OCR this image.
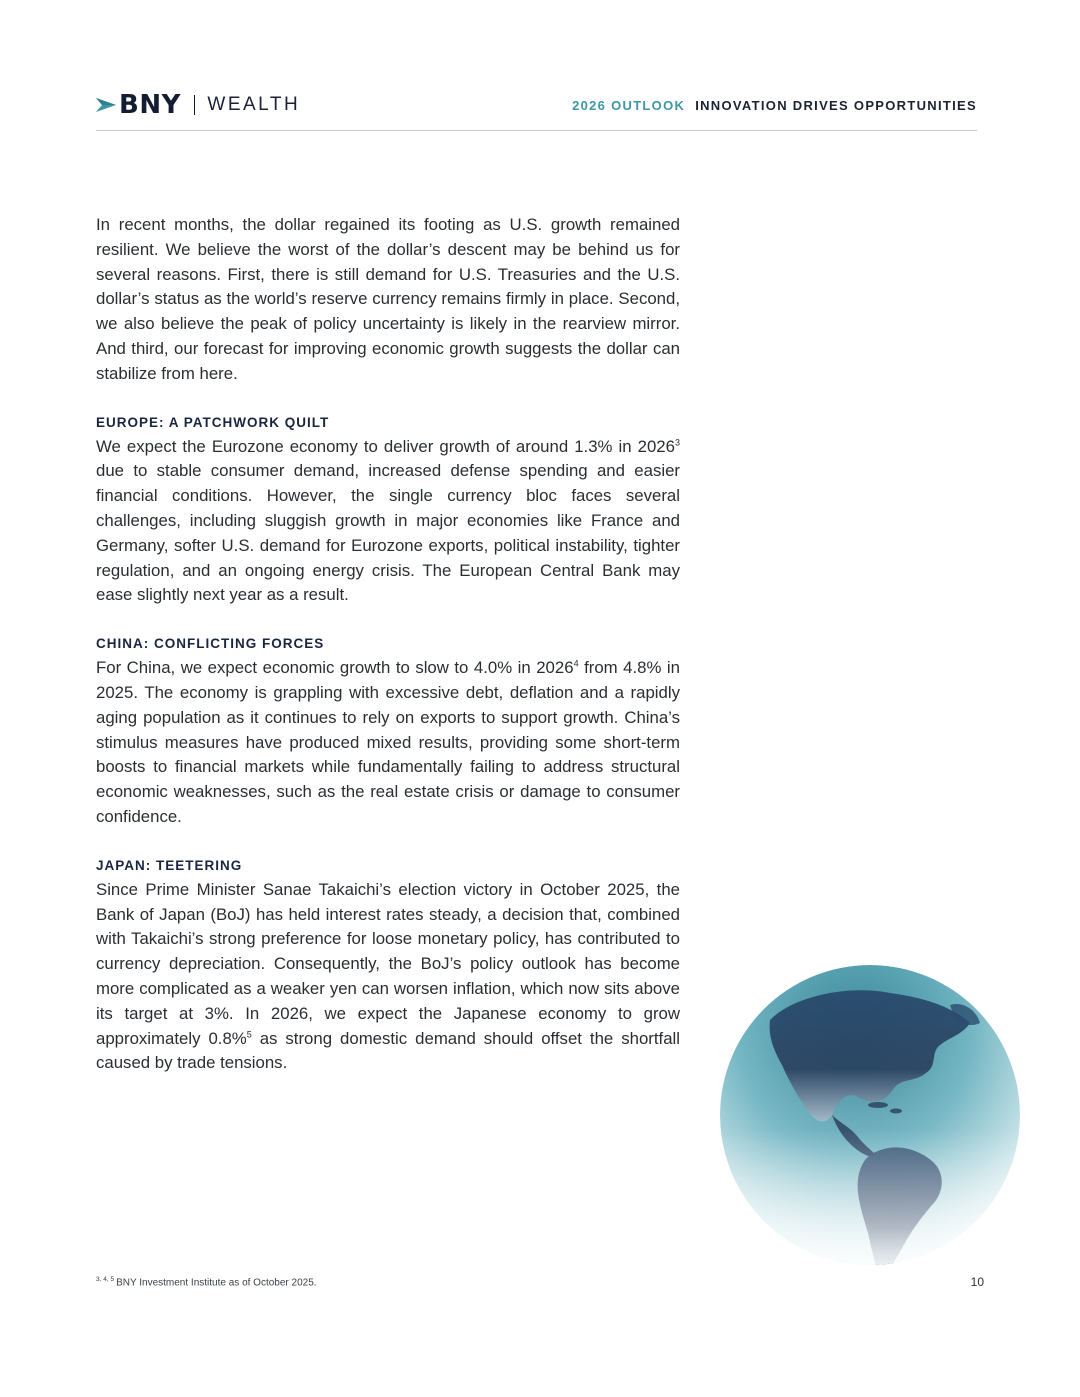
BNY WEALTH	2026 OUTLOOK INNOVATION DRIVES OPPORTUNITIES

In recent months, the dollar regained its footing as U.S. growth remained resilient. We believe the worst of the dollar’s descent may be behind us for several reasons. First, there is still demand for U.S. Treasuries and the U.S. dollar’s status as the world’s reserve currency remains firmly in place. Second, we also believe the peak of policy uncertainty is likely in the rearview mirror. And third, our forecast for improving economic growth suggests the dollar can stabilize from here.

EUROPE: A PATCHWORK QUILT

We expect the Eurozone economy to deliver growth of around 1.3% in 2026$^3$ due to stable consumer demand, increased defense spending and easier financial conditions. However, the single currency bloc faces several challenges, including sluggish growth in major economies like France and Germany, softer U.S. demand for Eurozone exports, political instability, tighter regulation, and an ongoing energy crisis. The European Central Bank may ease slightly next year as a result.

CHINA: CONFLICTING FORCES

For China, we expect economic growth to slow to 4.0% in 2026$^4$ from 4.8% in 2025. The economy is grappling with excessive debt, deflation and a rapidly aging population as it continues to rely on exports to support growth. China’s stimulus measures have produced mixed results, providing some short-term boosts to financial markets while fundamentally failing to address structural economic weaknesses, such as the real estate crisis or damage to consumer confidence.

JAPAN: TEETERING

Since Prime Minister Sanae Takaichi’s election victory in October 2025, the Bank of Japan (BoJ) has held interest rates steady, a decision that, combined with Takaichi’s strong preference for loose monetary policy, has contributed to currency depreciation. Consequently, the BoJ’s policy outlook has become more complicated as a weaker yen can worsen inflation, which now sits above its target at 3%. In 2026, we expect the Japanese economy to grow approximately 0.8%$^5$ as strong domestic demand should offset the shortfall caused by trade tensions.

$^{3, 4, 5}$ BNY Investment Institute as of October 2025.	10
